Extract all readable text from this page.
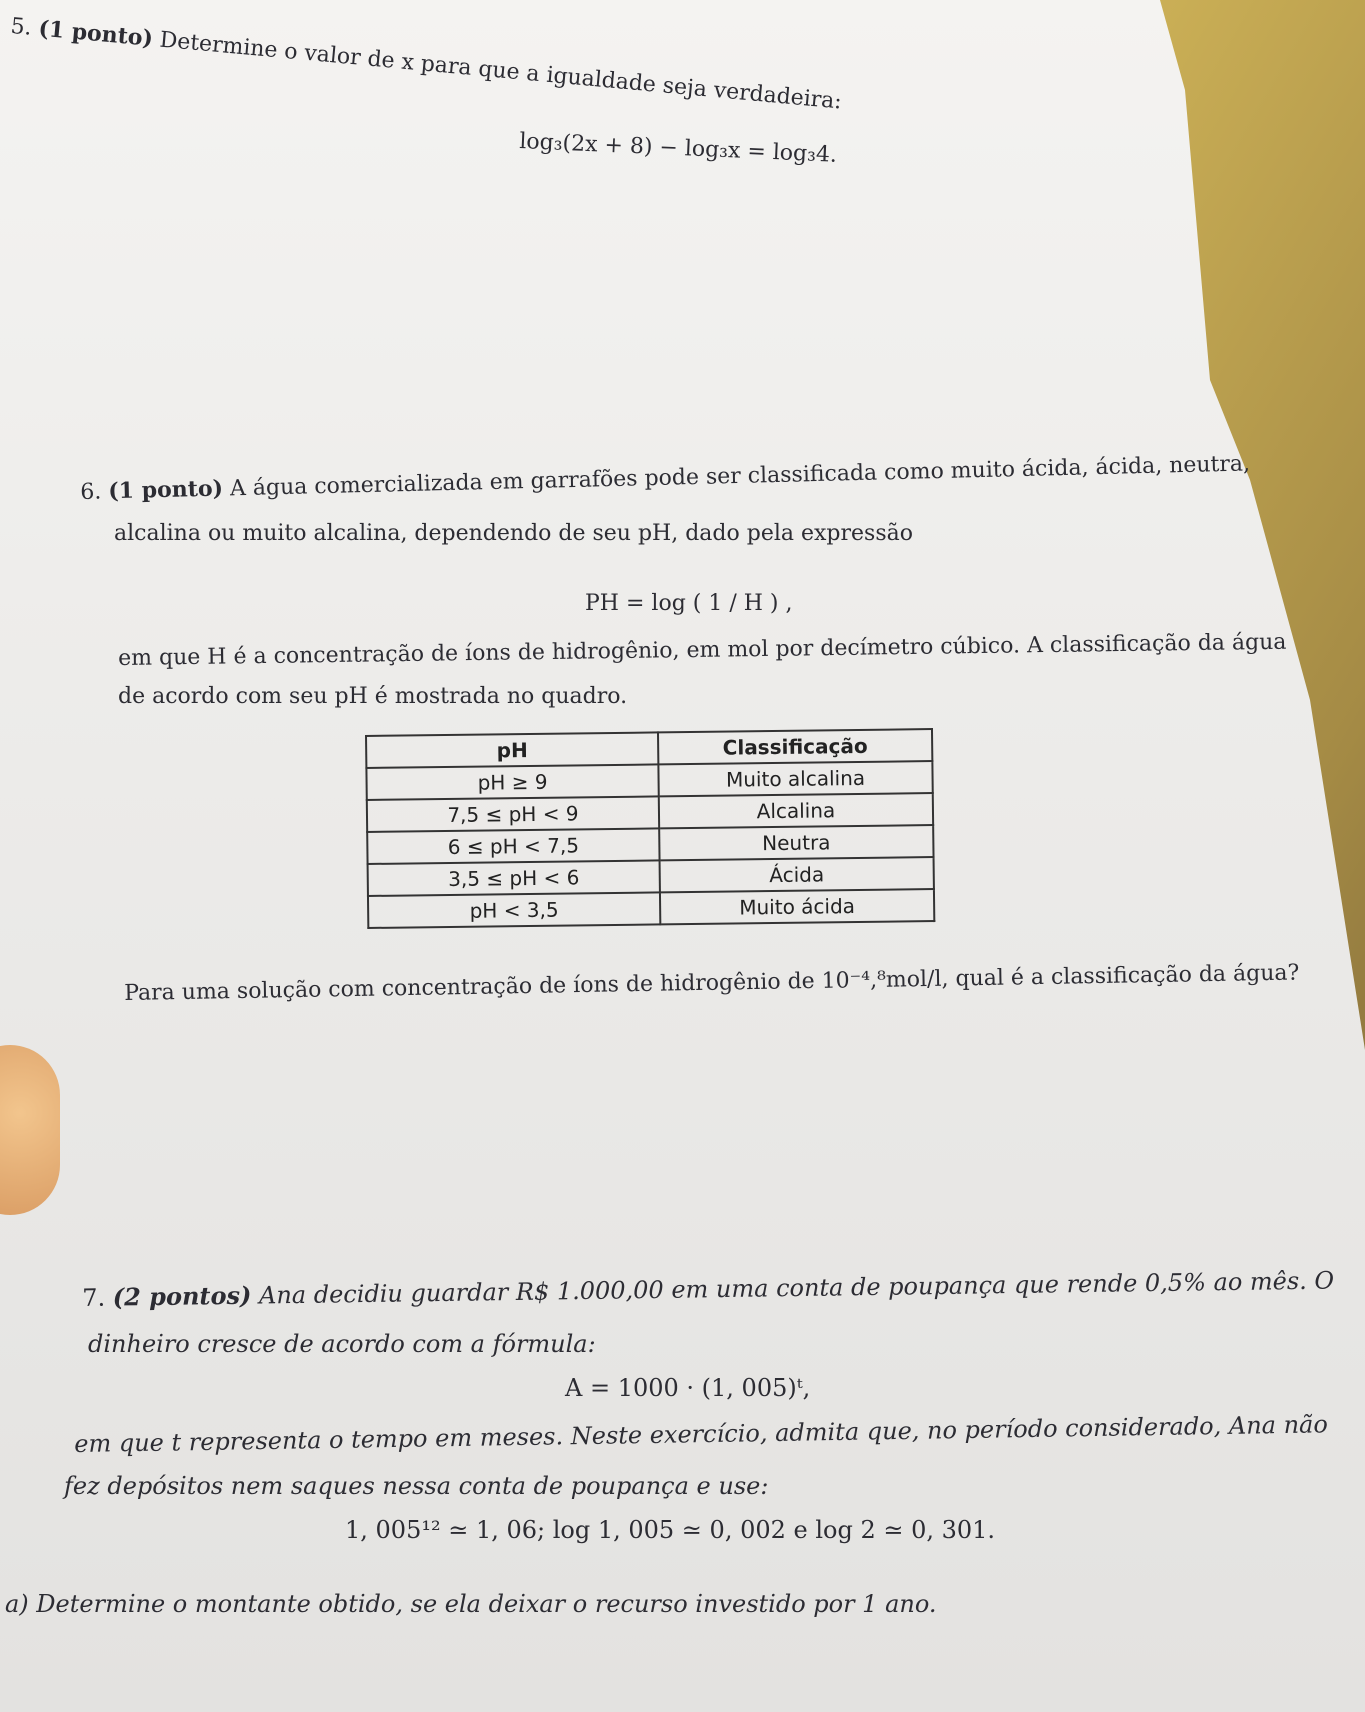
5. (1 ponto) Determine o valor de x para que a igualdade seja verdadeira:
log₃(2x + 8) − log₃x = log₃4.
6. (1 ponto) A água comercializada em garrafões pode ser classificada como muito ácida, ácida, neutra,
alcalina ou muito alcalina, dependendo de seu pH, dado pela expressão
PH = log ( 1 / H ) ,
em que H é a concentração de íons de hidrogênio, em mol por decímetro cúbico. A classificação da água
de acordo com seu pH é mostrada no quadro.
pH	Classificação
pH ≥ 9	Muito alcalina
7,5 ≤ pH < 9	Alcalina
6 ≤ pH < 7,5	Neutra
3,5 ≤ pH < 6	Ácida
pH < 3,5	Muito ácida
Para uma solução com concentração de íons de hidrogênio de 10⁻⁴,⁸mol/l, qual é a classificação da água?
7. (2 pontos) Ana decidiu guardar R$ 1.000,00 em uma conta de poupança que rende 0,5% ao mês. O
dinheiro cresce de acordo com a fórmula:
A = 1000 · (1, 005)ᵗ,
em que t representa o tempo em meses. Neste exercício, admita que, no período considerado, Ana não
fez depósitos nem saques nessa conta de poupança e use:
1, 005¹² ≃ 1, 06; log 1, 005 ≃ 0, 002 e log 2 ≃ 0, 301.
a) Determine o montante obtido, se ela deixar o recurso investido por 1 ano.
